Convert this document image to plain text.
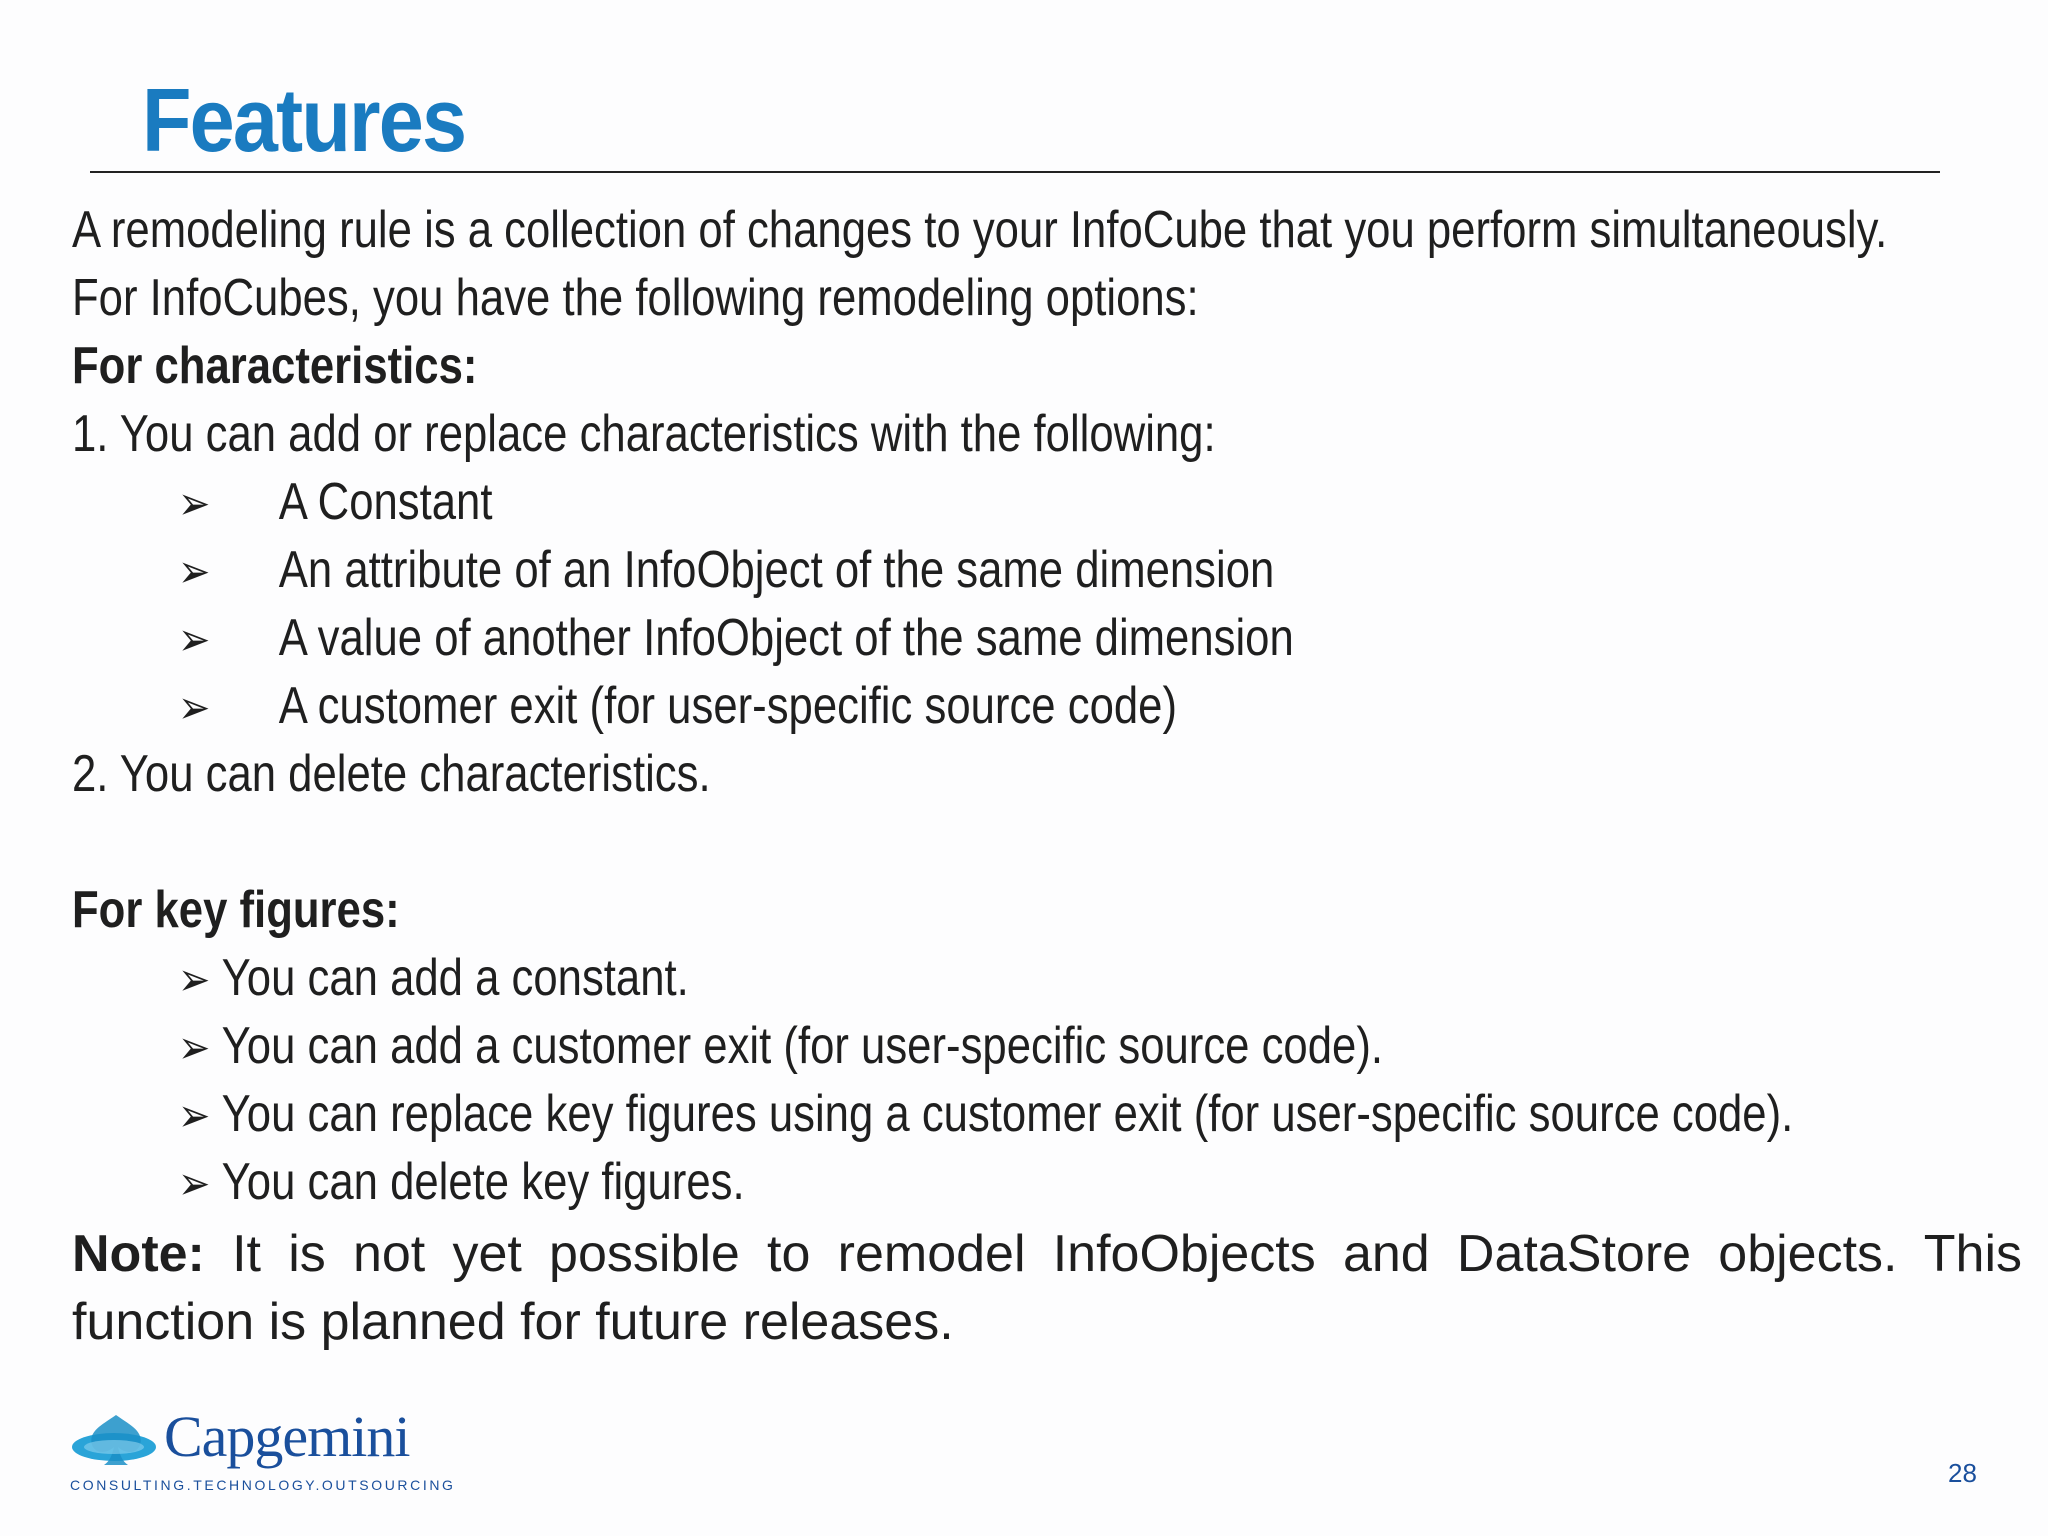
Features
A remodeling rule is a collection of changes to your InfoCube that you perform simultaneously.
For InfoCubes, you have the following remodeling options:
For characteristics:
1. You can add or replace characteristics with the following:
➢ A Constant
➢ An attribute of an InfoObject of the same dimension
➢ A value of another InfoObject of the same dimension
➢ A customer exit (for user-specific source code)
2. You can delete characteristics.
For key figures:
➢ You can add a constant.
➢ You can add a customer exit (for user-specific source code).
➢ You can replace key figures using a customer exit (for user-specific source code).
➢ You can delete key figures.
Note: It is not yet possible to remodel InfoObjects and DataStore objects. This function is planned for future releases.
Capgemini
CONSULTING.TECHNOLOGY.OUTSOURCING	28
